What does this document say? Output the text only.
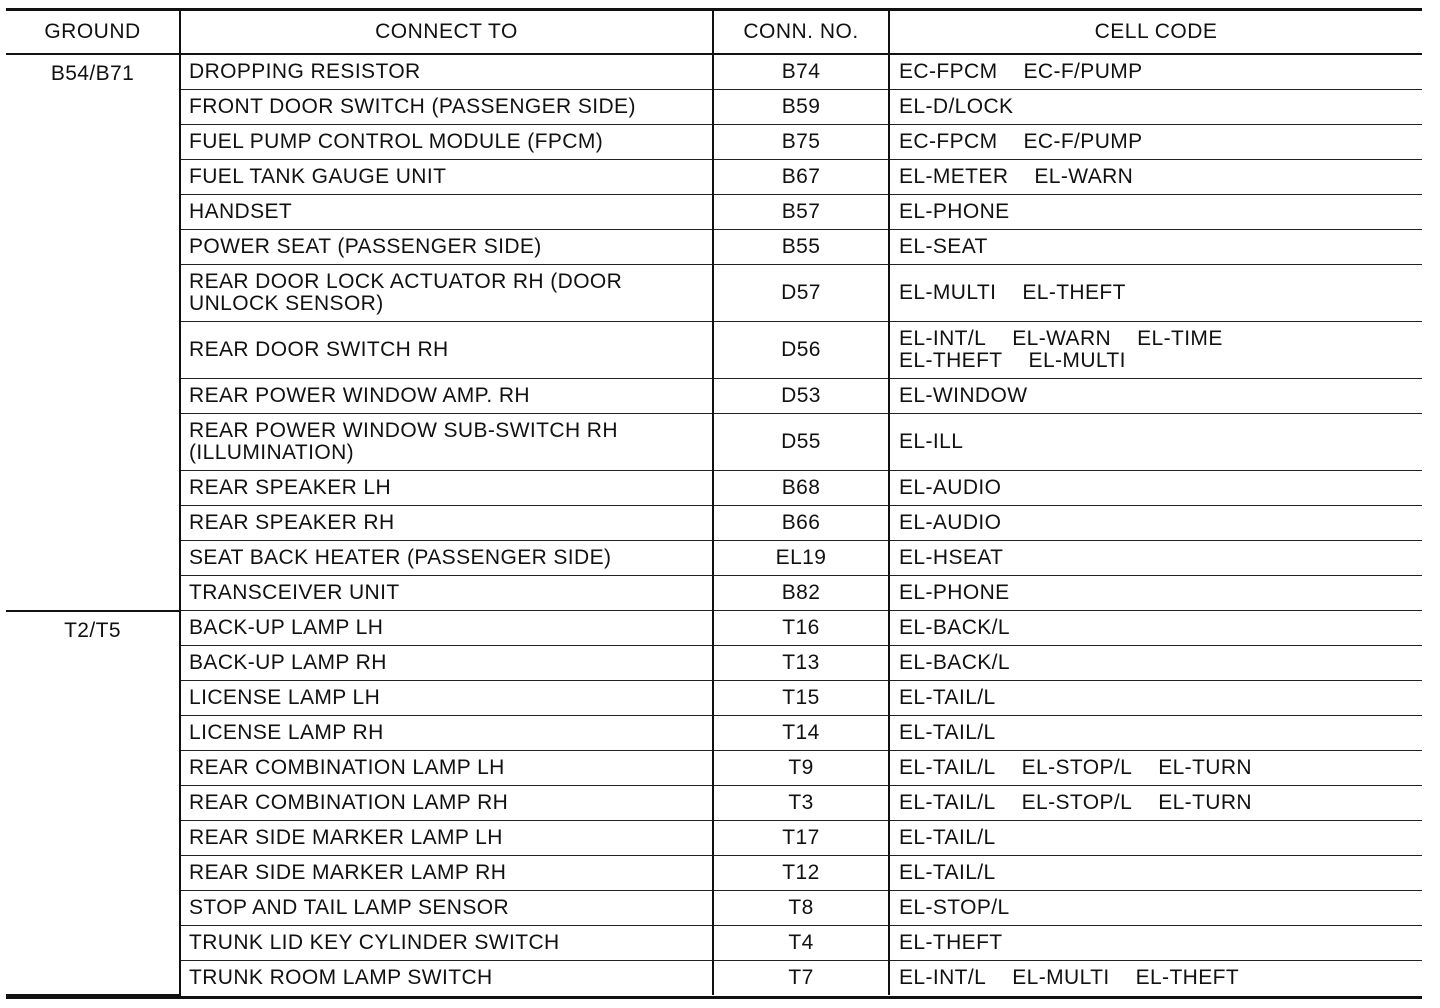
GROUND	CONNECT TO	CONN. NO.	CELL CODE
B54/B71	DROPPING RESISTOR	B74	EC-FPCM EC-F/PUMP

	FRONT DOOR SWITCH (PASSENGER SIDE)	B59	EL-D/LOCK

	FUEL PUMP CONTROL MODULE (FPCM)	B75	EC-FPCM EC-F/PUMP

	FUEL TANK GAUGE UNIT	B67	EL-METER EL-WARN

	HANDSET	B57	EL-PHONE

	POWER SEAT (PASSENGER SIDE)	B55	EL-SEAT

	REAR DOOR LOCK ACTUATOR RH (DOOR
UNLOCK SENSOR)	D57	EL-MULTI EL-THEFT

	REAR DOOR SWITCH RH	D56	EL-INT/L EL-WARN EL-TIME
EL-THEFT EL-MULTI

	REAR POWER WINDOW AMP. RH	D53	EL-WINDOW

	REAR POWER WINDOW SUB-SWITCH RH
(ILLUMINATION)	D55	EL-ILL

	REAR SPEAKER LH	B68	EL-AUDIO

	REAR SPEAKER RH	B66	EL-AUDIO

	SEAT BACK HEATER (PASSENGER SIDE)	EL19	EL-HSEAT

	TRANSCEIVER UNIT	B82	EL-PHONE

T2/T5	BACK-UP LAMP LH	T16	EL-BACK/L

	BACK-UP LAMP RH	T13	EL-BACK/L

	LICENSE LAMP LH	T15	EL-TAIL/L

	LICENSE LAMP RH	T14	EL-TAIL/L

	REAR COMBINATION LAMP LH	T9	EL-TAIL/L EL-STOP/L EL-TURN

	REAR COMBINATION LAMP RH	T3	EL-TAIL/L EL-STOP/L EL-TURN

	REAR SIDE MARKER LAMP LH	T17	EL-TAIL/L

	REAR SIDE MARKER LAMP RH	T12	EL-TAIL/L

	STOP AND TAIL LAMP SENSOR	T8	EL-STOP/L

	TRUNK LID KEY CYLINDER SWITCH	T4	EL-THEFT

	TRUNK ROOM LAMP SWITCH	T7	EL-INT/L EL-MULTI EL-THEFT
